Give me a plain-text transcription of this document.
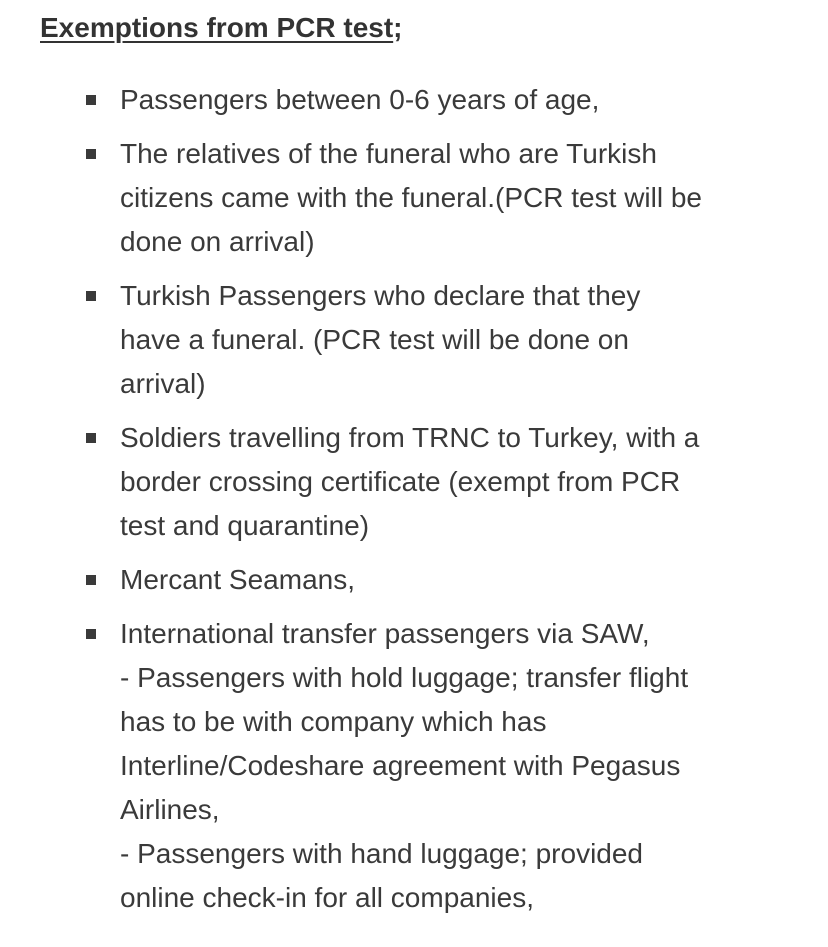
Exemptions from PCR test;

Passengers between 0-6 years of age,

The relatives of the funeral who are Turkish
citizens came with the funeral.(PCR test will be
done on arrival)

Turkish Passengers who declare that they
have a funeral. (PCR test will be done on
arrival)

Soldiers travelling from TRNC to Turkey, with a
border crossing certificate (exempt from PCR
test and quarantine)

Mercant Seamans,

International transfer passengers via SAW,
- Passengers with hold luggage; transfer flight
has to be with company which has
Interline/Codeshare agreement with Pegasus
Airlines,
- Passengers with hand luggage; provided
online check-in for all companies,
